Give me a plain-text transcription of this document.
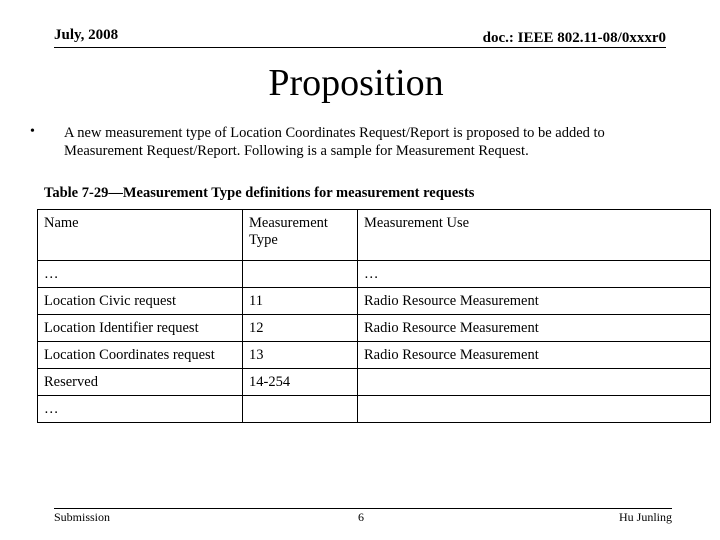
July, 2008	doc.: IEEE 802.11-08/0xxxr0
Proposition
• A new measurement type of Location Coordinates Request/Report is proposed to be added to Measurement Request/Report. Following is a sample for Measurement Request.
Table 7-29—Measurement Type definitions for measurement requests
Name	Measurement Type	Measurement Use
…		…
Location Civic request	11	Radio Resource Measurement
Location Identifier request	12	Radio Resource Measurement
Location Coordinates request	13	Radio Resource Measurement
Reserved	14-254	
…		
Submission	6	Hu Junling
